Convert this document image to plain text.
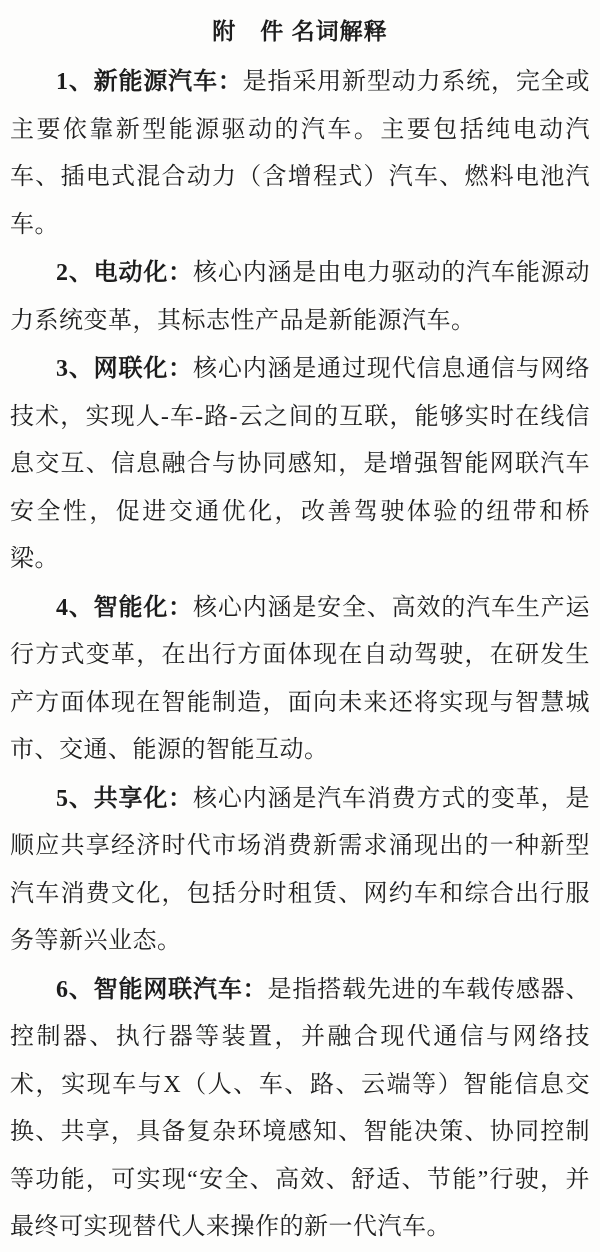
附　件 名词解释

1、新能源汽车：是指采用新型动力系统，完全或主要依靠新型能源驱动的汽车。主要包括纯电动汽车、插电式混合动力（含增程式）汽车、燃料电池汽车。

2、电动化：核心内涵是由电力驱动的汽车能源动力系统变革，其标志性产品是新能源汽车。

3、网联化：核心内涵是通过现代信息通信与网络技术，实现人-车-路-云之间的互联，能够实时在线信息交互、信息融合与协同感知，是增强智能网联汽车安全性，促进交通优化，改善驾驶体验的纽带和桥梁。

4、智能化：核心内涵是安全、高效的汽车生产运行方式变革，在出行方面体现在自动驾驶，在研发生产方面体现在智能制造，面向未来还将实现与智慧城市、交通、能源的智能互动。

5、共享化：核心内涵是汽车消费方式的变革，是顺应共享经济时代市场消费新需求涌现出的一种新型汽车消费文化，包括分时租赁、网约车和综合出行服务等新兴业态。

6、智能网联汽车：是指搭载先进的车载传感器、控制器、执行器等装置，并融合现代通信与网络技术，实现车与X（人、车、路、云端等）智能信息交换、共享，具备复杂环境感知、智能决策、协同控制等功能，可实现“安全、高效、舒适、节能”行驶，并最终可实现替代人来操作的新一代汽车。
